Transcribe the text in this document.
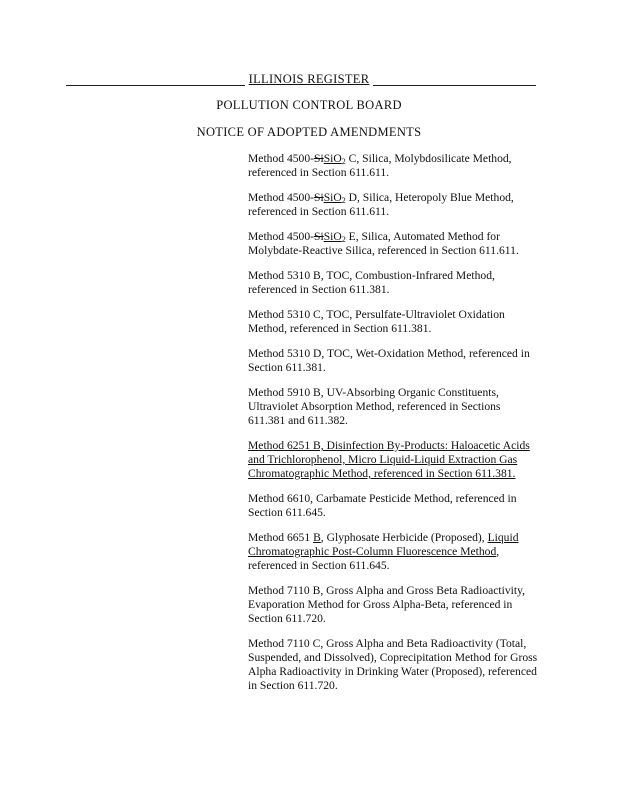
ILLINOIS REGISTER
POLLUTION CONTROL BOARD
NOTICE OF ADOPTED AMENDMENTS

Method 4500-SiSiO$_2$ C, Silica, Molybdosilicate Method, referenced in Section 611.611.

Method 4500-SiSiO$_2$ D, Silica, Heteropoly Blue Method, referenced in Section 611.611.

Method 4500-SiSiO$_2$ E, Silica, Automated Method for Molybdate-Reactive Silica, referenced in Section 611.611.

Method 5310 B, TOC, Combustion-Infrared Method, referenced in Section 611.381.

Method 5310 C, TOC, Persulfate-Ultraviolet Oxidation Method, referenced in Section 611.381.

Method 5310 D, TOC, Wet-Oxidation Method, referenced in Section 611.381.

Method 5910 B, UV-Absorbing Organic Constituents, Ultraviolet Absorption Method, referenced in Sections 611.381 and 611.382.

Method 6251 B, Disinfection By-Products: Haloacetic Acids and Trichlorophenol, Micro Liquid-Liquid Extraction Gas Chromatographic Method, referenced in Section 611.381.

Method 6610, Carbamate Pesticide Method, referenced in Section 611.645.

Method 6651 B, Glyphosate Herbicide (Proposed), Liquid Chromatographic Post-Column Fluorescence Method, referenced in Section 611.645.

Method 7110 B, Gross Alpha and Gross Beta Radioactivity, Evaporation Method for Gross Alpha-Beta, referenced in Section 611.720.

Method 7110 C, Gross Alpha and Beta Radioactivity (Total, Suspended, and Dissolved), Coprecipitation Method for Gross Alpha Radioactivity in Drinking Water (Proposed), referenced in Section 611.720.
